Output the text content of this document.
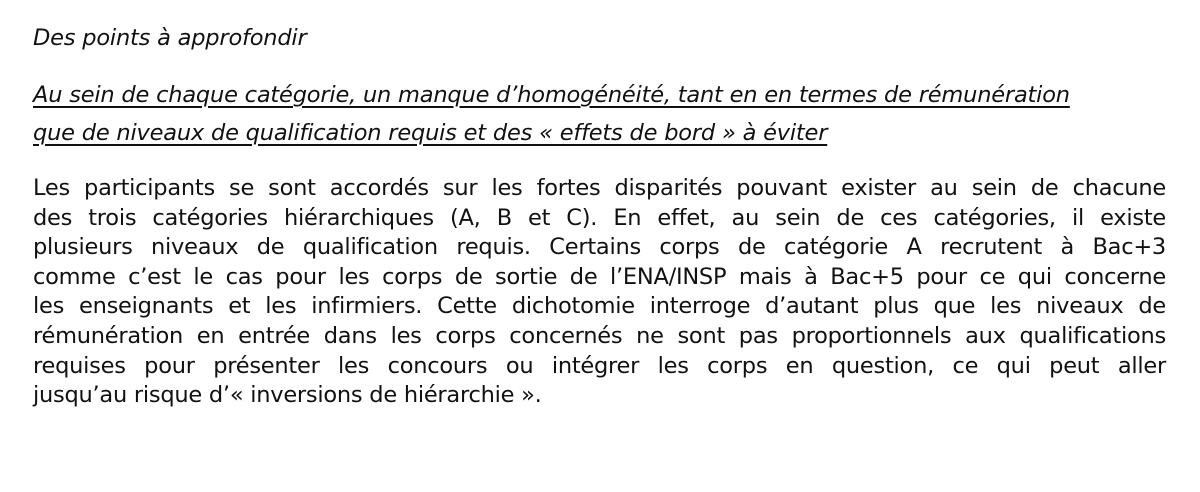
Des points à approfondir
Au sein de chaque catégorie, un manque d’homogénéité, tant en en termes de rémunération
que de niveaux de qualification requis et des « effets de bord » à éviter
Les participants se sont accordés sur les fortes disparités pouvant exister au sein de chacune
des trois catégories hiérarchiques (A, B et C). En effet, au sein de ces catégories, il existe
plusieurs niveaux de qualification requis. Certains corps de catégorie A recrutent à Bac+3
comme c’est le cas pour les corps de sortie de l’ENA/INSP mais à Bac+5 pour ce qui concerne
les enseignants et les infirmiers. Cette dichotomie interroge d’autant plus que les niveaux de
rémunération en entrée dans les corps concernés ne sont pas proportionnels aux qualifications
requises pour présenter les concours ou intégrer les corps en question, ce qui peut aller
jusqu’au risque d’« inversions de hiérarchie ».
